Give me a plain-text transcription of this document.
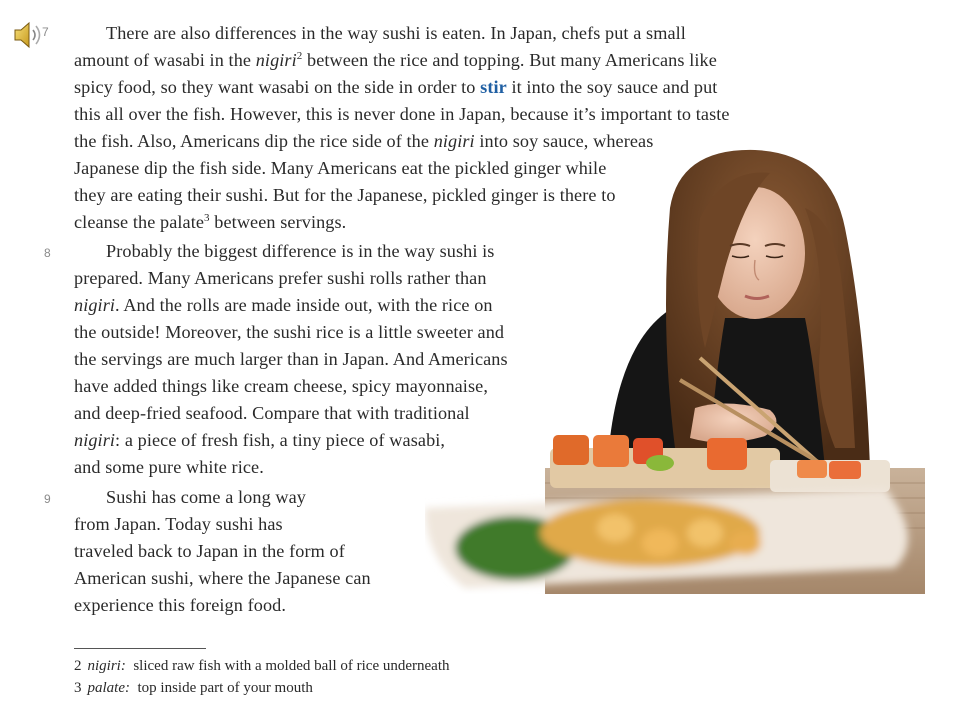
7
8
9
There are also differences in the way sushi is eaten. In Japan, chefs put a small
amount of wasabi in the nigiri$^2$ between the rice and topping. But many Americans like
spicy food, so they want wasabi on the side in order to stir it into the soy sauce and put
this all over the fish. However, this is never done in Japan, because it’s important to taste
the fish. Also, Americans dip the rice side of the nigiri into soy sauce, whereas
Japanese dip the fish side. Many Americans eat the pickled ginger while
they are eating their sushi. But for the Japanese, pickled ginger is there to
cleanse the palate$^3$ between servings.
Probably the biggest difference is in the way sushi is
prepared. Many Americans prefer sushi rolls rather than
nigiri. And the rolls are made inside out, with the rice on
the outside! Moreover, the sushi rice is a little sweeter and
the servings are much larger than in Japan. And Americans
have added things like cream cheese, spicy mayonnaise,
and deep-fried seafood. Compare that with traditional
nigiri: a piece of fresh fish, a tiny piece of wasabi,
and some pure white rice.
Sushi has come a long way
from Japan. Today sushi has
traveled back to Japan in the form of
American sushi, where the Japanese can
experience this foreign food.
2 nigiri: sliced raw fish with a molded ball of rice underneath
3 palate: top inside part of your mouth
